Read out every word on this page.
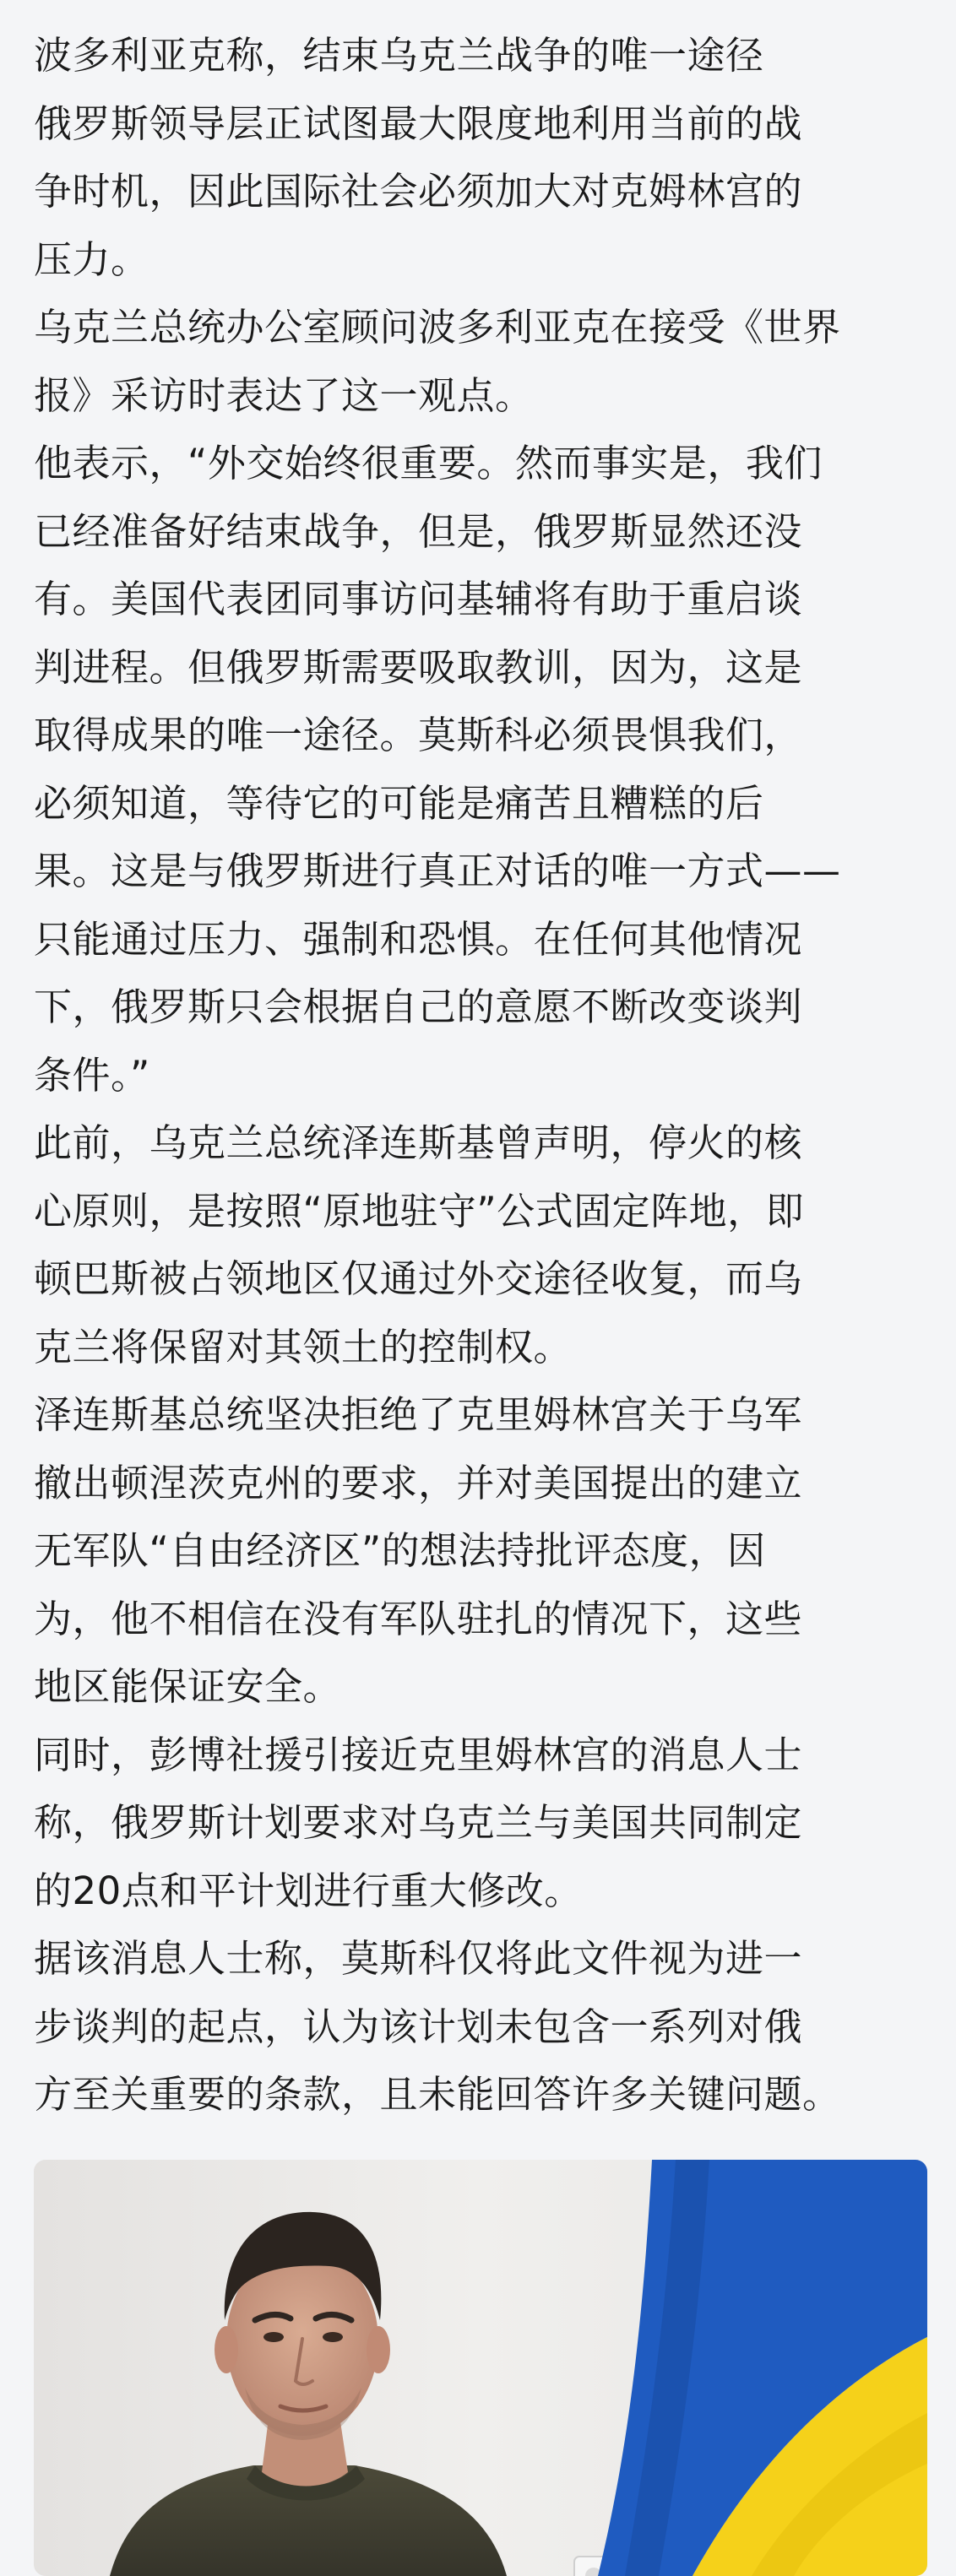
波多利亚克称，结束乌克兰战争的唯一途径
俄罗斯领导层正试图最大限度地利用当前的战
争时机，因此国际社会必须加大对克姆林宫的
压力。
乌克兰总统办公室顾问波多利亚克在接受《世界
报》采访时表达了这一观点。
他表示，“外交始终很重要。然而事实是，我们
已经准备好结束战争，但是，俄罗斯显然还没
有。美国代表团同事访问基辅将有助于重启谈
判进程。但俄罗斯需要吸取教训，因为，这是
取得成果的唯一途径。莫斯科必须畏惧我们，
必须知道，等待它的可能是痛苦且糟糕的后
果。这是与俄罗斯进行真正对话的唯一方式——
只能通过压力、强制和恐惧。在任何其他情况
下，俄罗斯只会根据自己的意愿不断改变谈判
条件。”
此前，乌克兰总统泽连斯基曾声明，停火的核
心原则，是按照“原地驻守”公式固定阵地，即
顿巴斯被占领地区仅通过外交途径收复，而乌
克兰将保留对其领土的控制权。
泽连斯基总统坚决拒绝了克里姆林宫关于乌军
撤出顿涅茨克州的要求，并对美国提出的建立
无军队“自由经济区”的想法持批评态度，因
为，他不相信在没有军队驻扎的情况下，这些
地区能保证安全。
同时，彭博社援引接近克里姆林宫的消息人士
称，俄罗斯计划要求对乌克兰与美国共同制定
的20点和平计划进行重大修改。
据该消息人士称，莫斯科仅将此文件视为进一
步谈判的起点，认为该计划未包含一系列对俄
方至关重要的条款，且未能回答许多关键问题。
